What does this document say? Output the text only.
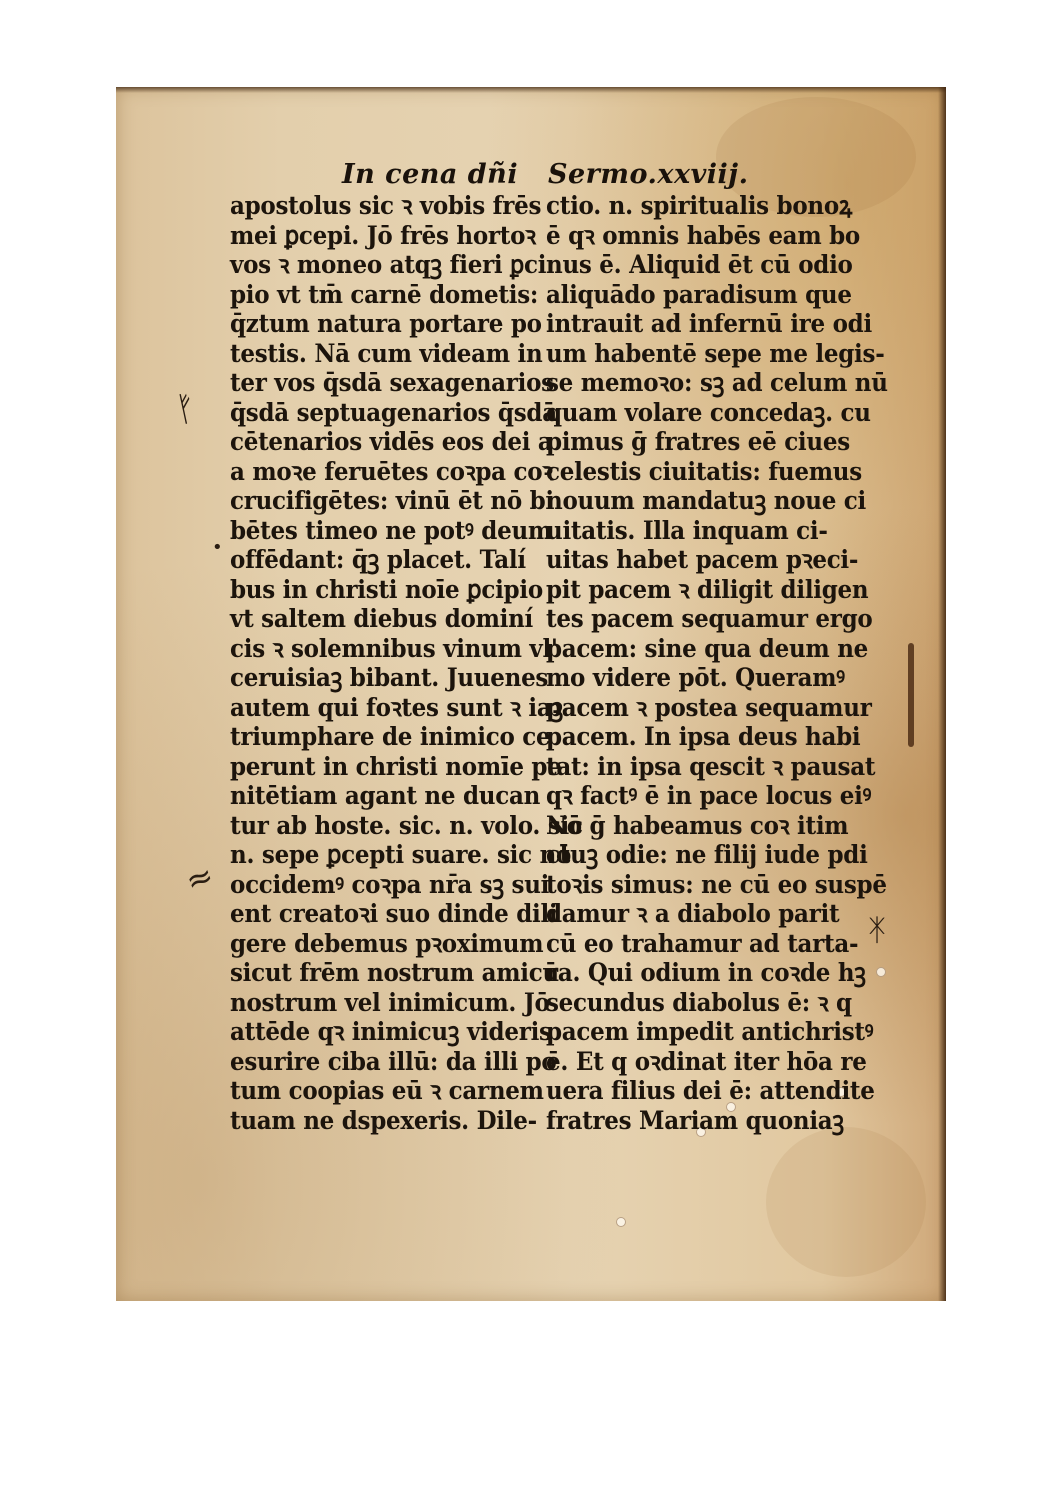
In cena dñi Sermo.xxviij.
apostolus sic ꝛ vobis frēs
mei ꝑcepi. Jō frēs hortoꝛ
vos ꝛ moneo atqꝫ fieri ꝑci
pio vt tm̄ carnē dometis:
q̄ztum natura portare po
testis. Nā cum videam in
ter vos q̄sdā sexagenarios
q̄sdā septuagenarios q̄sdā
cētenarios vidēs eos dei a
a moꝛe feruētes coꝛpa coꝛ
crucifigētes: vinū ēt nō bi
bētes timeo ne potꝰ deum
offēdant: q̄ꝫ placet. Talí
bus in christi noīe ꝑcipio
vt saltem diebus dominí
cis ꝛ solemnibus vinum vl'
ceruisiaꝫ bibant. Juuenes
autem qui foꝛtes sunt ꝛ iaꝫ
triumphare de inimico ce
perunt in christi nomīe pe
nitētiam agant ne ducan
tur ab hoste. sic. n. volo. sic
n. sepe ꝑcepti suare. sic nō
occidemꝰ coꝛpa nr̄a sꝫ sui
ent creatoꝛi suo dinde dili
gere debemus pꝛoximum
sicut frēm nostrum amicū
nostrum vel inimicum. Jō
attēde qꝛ inimicuꝫ videris
esurire ciba illū: da illi po
tum coopias eū ꝛ carnem
tuam ne dspexeris. Dile-
ctio. n. spiritualis bonoꝝ
ē qꝛ omnis habēs eam bo
nus ē. Aliquid ēt cū odio
aliquādo paradisum que
intrauit ad infernū ire odi
um habentē sepe me legis-
se memoꝛo: sꝫ ad celum nū
quam volare concedaꝫ. cu
pimus ḡ fratres eē ciues
celestis ciuitatis: fuemus
nouum mandatuꝫ noue ci
uitatis. Illa inquam ci-
uitas habet pacem pꝛeci-
pit pacem ꝛ diligit diligen
tes pacem sequamur ergo
pacem: sine qua deum ne
mo videre pōt. Queramꝰ
pacem ꝛ postea sequamur
pacem. In ipsa deus habi
tat: in ipsa qescit ꝛ pausat
qꝛ factꝰ ē in pace locus eiꝰ
Nō ḡ habeamus coꝛ itim
ctuꝫ odie: ne filij iude pdi
toꝛis simus: ne cū eo suspē
damur ꝛ a diabolo parit
cū eo trahamur ad tarta-
ra. Qui odium in coꝛde hꝫ
secundus diabolus ē: ꝛ q
pacem impedit antichristꝰ
ē. Et q oꝛdinat iter hōa re
uera filius dei ē: attendite
fratres Mariam quoniaꝫ
ᚠ
≈
ᛡ
•
